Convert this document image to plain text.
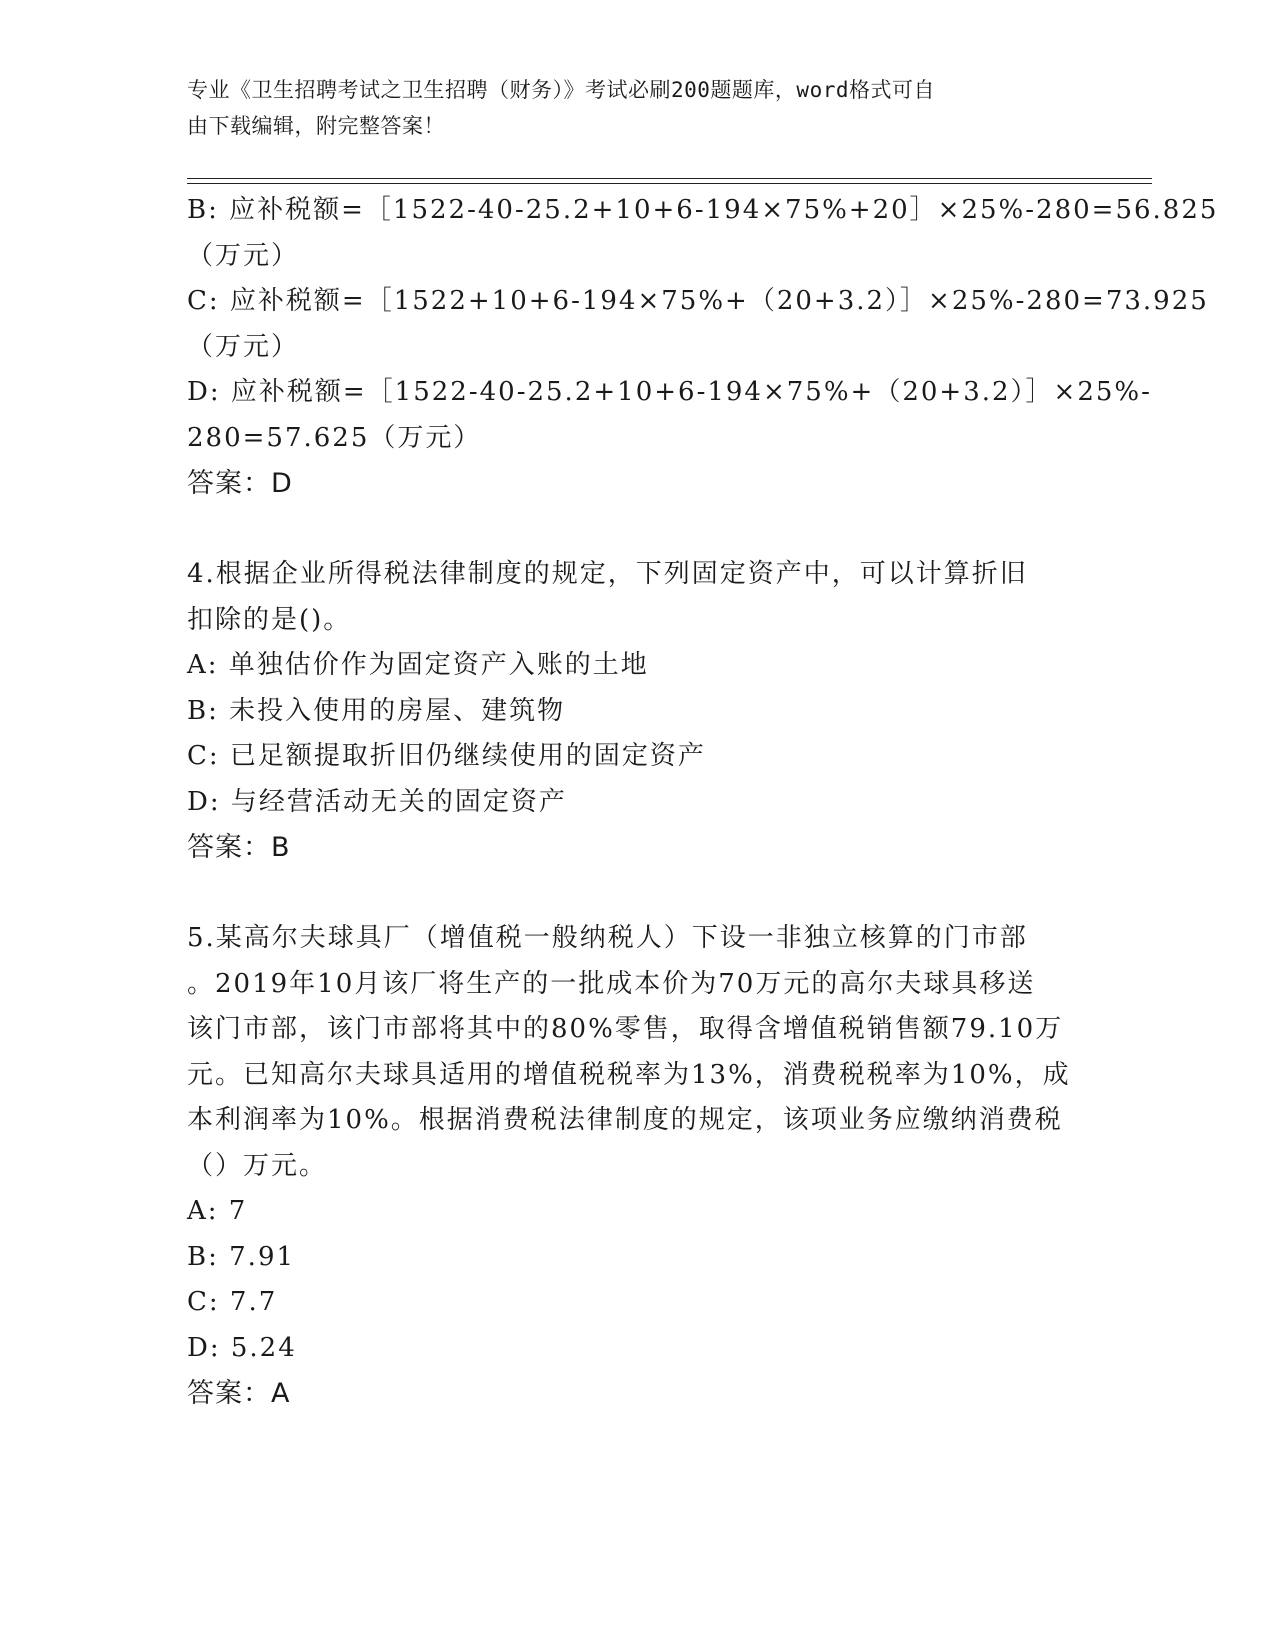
专业《卫生招聘考试之卫生招聘（财务）》考试必刷200题题库，word格式可自
由下载编辑，附完整答案！
B: 应补税额=［1522-40-25.2+10+6-194×75%+20］×25%-280=56.825
（万元）
C: 应补税额=［1522+10+6-194×75%+（20+3.2）］×25%-280=73.925
（万元）
D: 应补税额=［1522-40-25.2+10+6-194×75%+（20+3.2）］×25%-
280=57.625（万元）
答案：D
4.根据企业所得税法律制度的规定，下列固定资产中，可以计算折旧
扣除的是()。
A: 单独估价作为固定资产入账的土地
B: 未投入使用的房屋、建筑物
C: 已足额提取折旧仍继续使用的固定资产
D: 与经营活动无关的固定资产
答案：B
5.某高尔夫球具厂（增值税一般纳税人）下设一非独立核算的门市部
。2019年10月该厂将生产的一批成本价为70万元的高尔夫球具移送
该门市部，该门市部将其中的80%零售，取得含增值税销售额79.10万
元。已知高尔夫球具适用的增值税税率为13%，消费税税率为10%，成
本利润率为10%。根据消费税法律制度的规定，该项业务应缴纳消费税
（）万元。
A: 7
B: 7.91
C: 7.7
D: 5.24
答案：A
